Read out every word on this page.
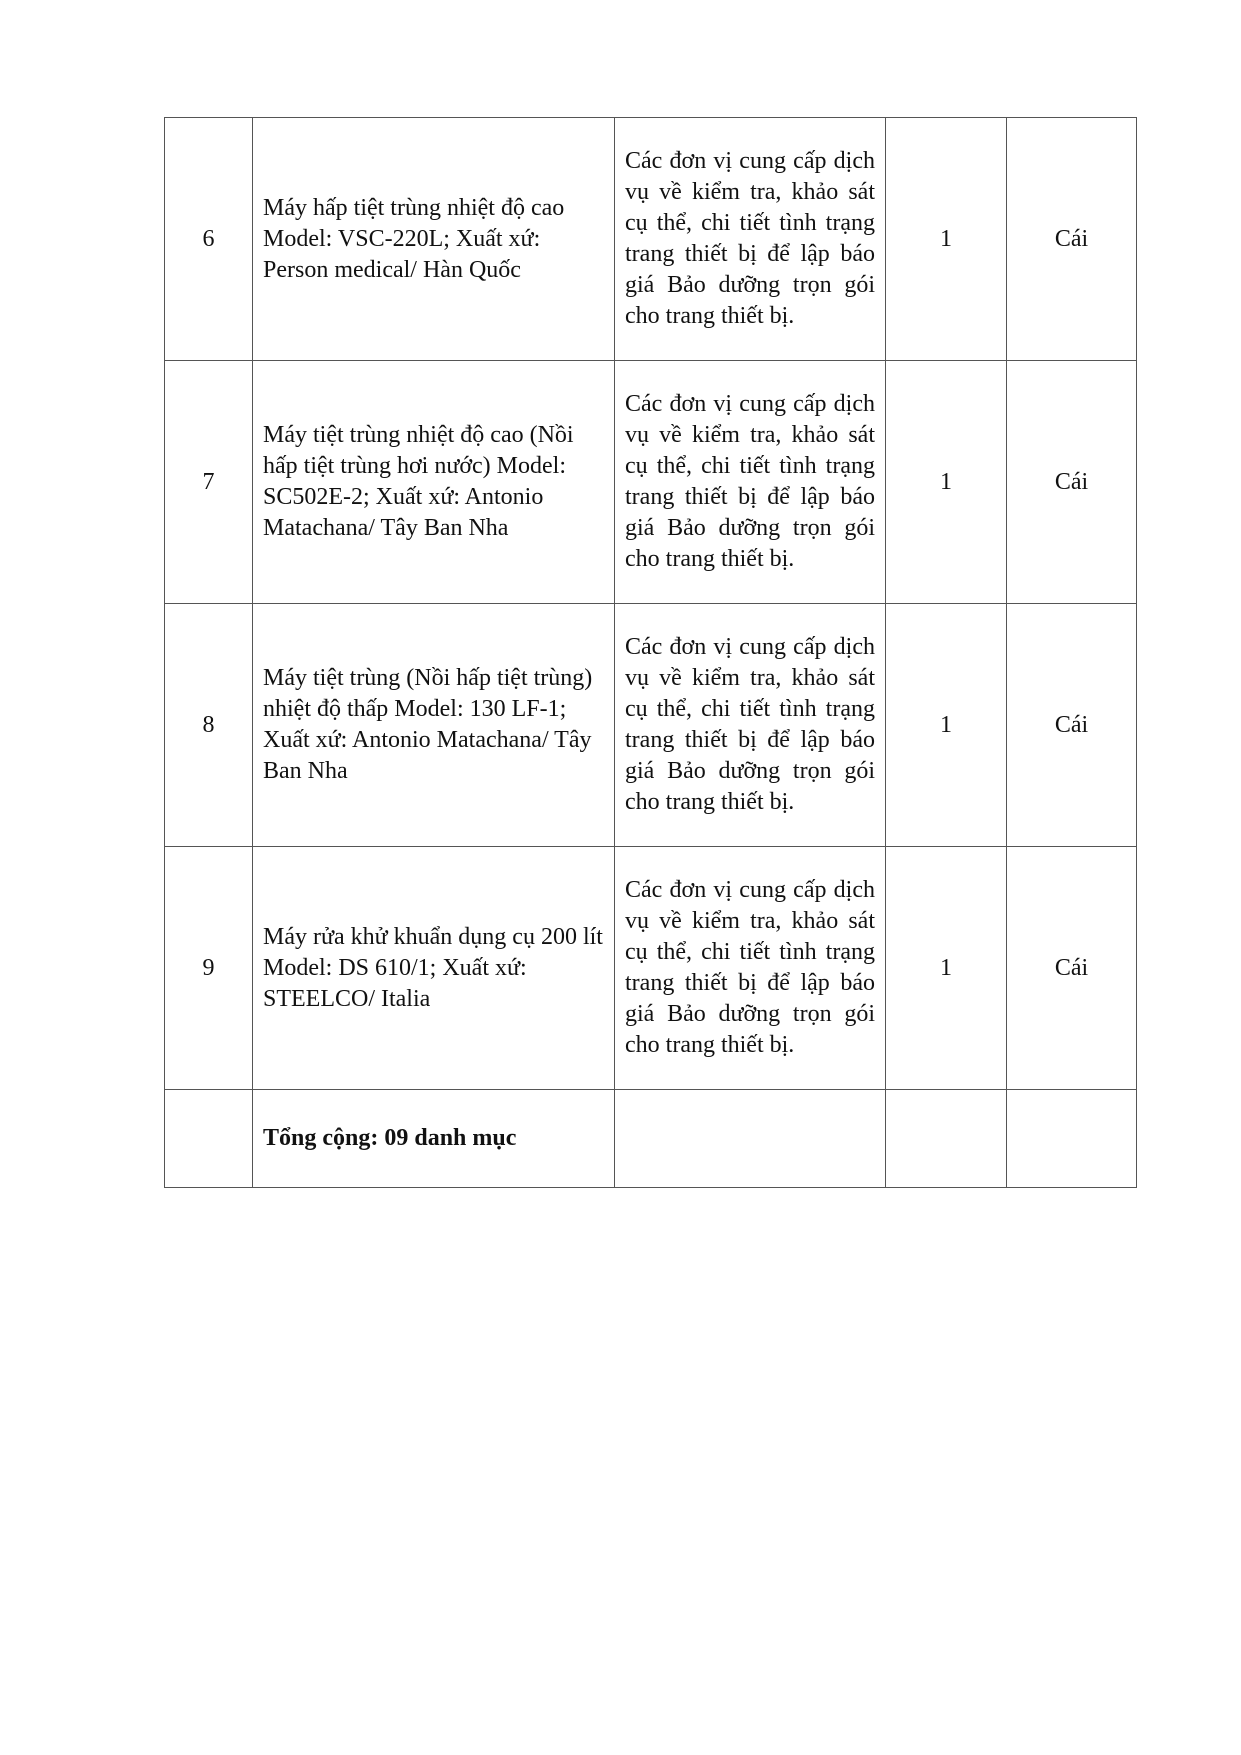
6	Máy hấp tiệt trùng nhiệt độ cao Model: VSC-220L; Xuất xứ: Person medical/ Hàn Quốc	Các đơn vị cung cấp dịch vụ về kiểm tra, khảo sát cụ thể, chi tiết tình trạng trang thiết bị để lập báo giá Bảo dưỡng trọn gói cho trang thiết bị.	1	Cái
7	Máy tiệt trùng nhiệt độ cao (Nồi hấp tiệt trùng hơi nước) Model: SC502E-2; Xuất xứ: Antonio Matachana/ Tây Ban Nha	Các đơn vị cung cấp dịch vụ về kiểm tra, khảo sát cụ thể, chi tiết tình trạng trang thiết bị để lập báo giá Bảo dưỡng trọn gói cho trang thiết bị.	1	Cái
8	Máy tiệt trùng (Nồi hấp tiệt trùng) nhiệt độ thấp Model: 130 LF-1; Xuất xứ: Antonio Matachana/ Tây Ban Nha	Các đơn vị cung cấp dịch vụ về kiểm tra, khảo sát cụ thể, chi tiết tình trạng trang thiết bị để lập báo giá Bảo dưỡng trọn gói cho trang thiết bị.	1	Cái
9	Máy rửa khử khuẩn dụng cụ 200 lít Model: DS 610/1; Xuất xứ: STEELCO/ Italia	Các đơn vị cung cấp dịch vụ về kiểm tra, khảo sát cụ thể, chi tiết tình trạng trang thiết bị để lập báo giá Bảo dưỡng trọn gói cho trang thiết bị.	1	Cái
	Tổng cộng: 09 danh mục			
